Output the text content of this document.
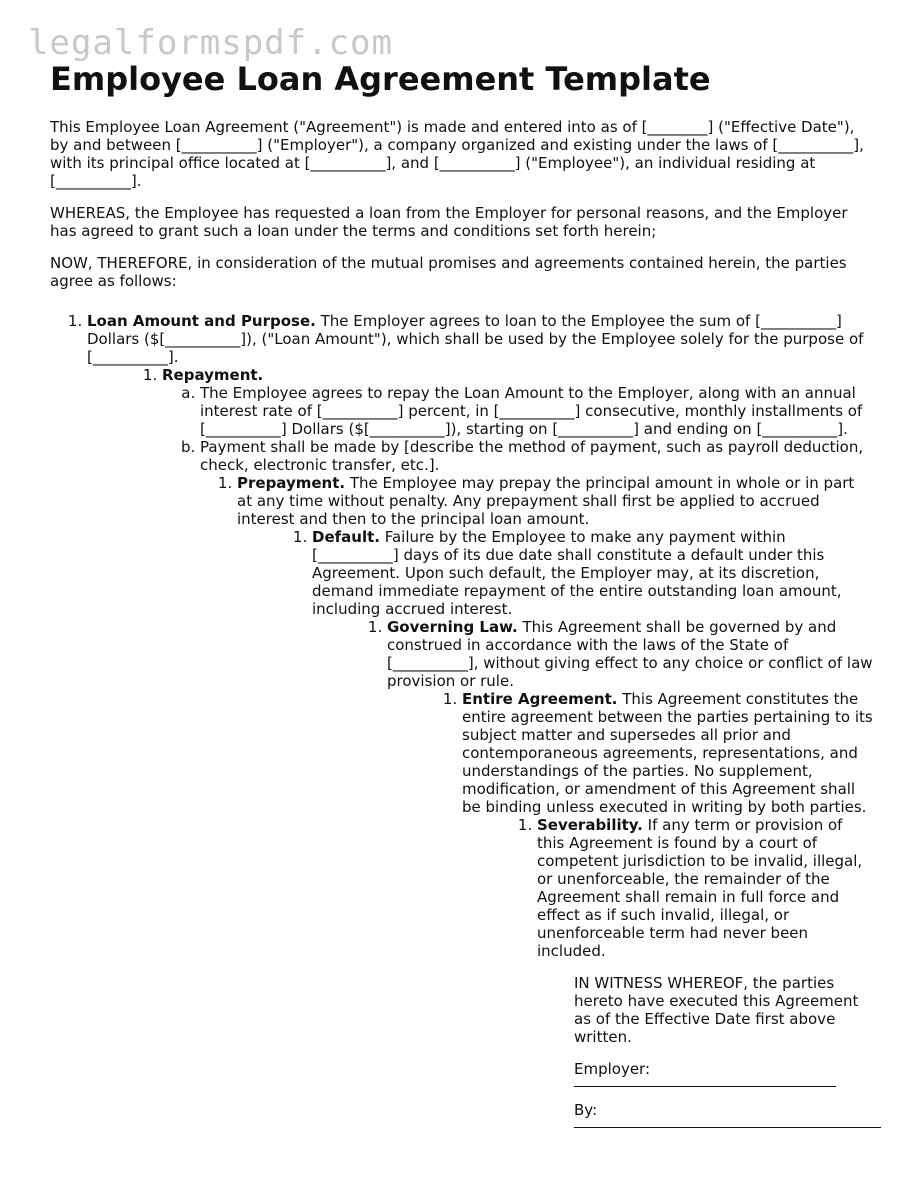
legalformspdf.com
Employee Loan Agreement Template

This Employee Loan Agreement ("Agreement") is made and entered into as of [________] ("Effective Date"), by and between [__________] ("Employer"), a company organized and existing under the laws of [__________], with its principal office located at [__________], and [__________] ("Employee"), an individual residing at [__________].

WHEREAS, the Employee has requested a loan from the Employer for personal reasons, and the Employer has agreed to grant such a loan under the terms and conditions set forth herein;

NOW, THEREFORE, in consideration of the mutual promises and agreements contained herein, the parties agree as follows:

1. Loan Amount and Purpose. The Employer agrees to loan to the Employee the sum of [__________] Dollars ($[__________]), ("Loan Amount"), which shall be used by the Employee solely for the purpose of [__________].
1. Repayment.
a. The Employee agrees to repay the Loan Amount to the Employer, along with an annual interest rate of [__________] percent, in [__________] consecutive, monthly installments of [__________] Dollars ($[__________]), starting on [__________] and ending on [__________].
b. Payment shall be made by [describe the method of payment, such as payroll deduction, check, electronic transfer, etc.].
1. Prepayment. The Employee may prepay the principal amount in whole or in part at any time without penalty. Any prepayment shall first be applied to accrued interest and then to the principal loan amount.
1. Default. Failure by the Employee to make any payment within [__________] days of its due date shall constitute a default under this Agreement. Upon such default, the Employer may, at its discretion, demand immediate repayment of the entire outstanding loan amount, including accrued interest.
1. Governing Law. This Agreement shall be governed by and construed in accordance with the laws of the State of [__________], without giving effect to any choice or conflict of law provision or rule.
1. Entire Agreement. This Agreement constitutes the entire agreement between the parties pertaining to its subject matter and supersedes all prior and contemporaneous agreements, representations, and understandings of the parties. No supplement, modification, or amendment of this Agreement shall be binding unless executed in writing by both parties.
1. Severability. If any term or provision of this Agreement is found by a court of competent jurisdiction to be invalid, illegal, or unenforceable, the remainder of the Agreement shall remain in full force and effect as if such invalid, illegal, or unenforceable term had never been included.

IN WITNESS WHEREOF, the parties hereto have executed this Agreement as of the Effective Date first above written.

Employer:
By:
